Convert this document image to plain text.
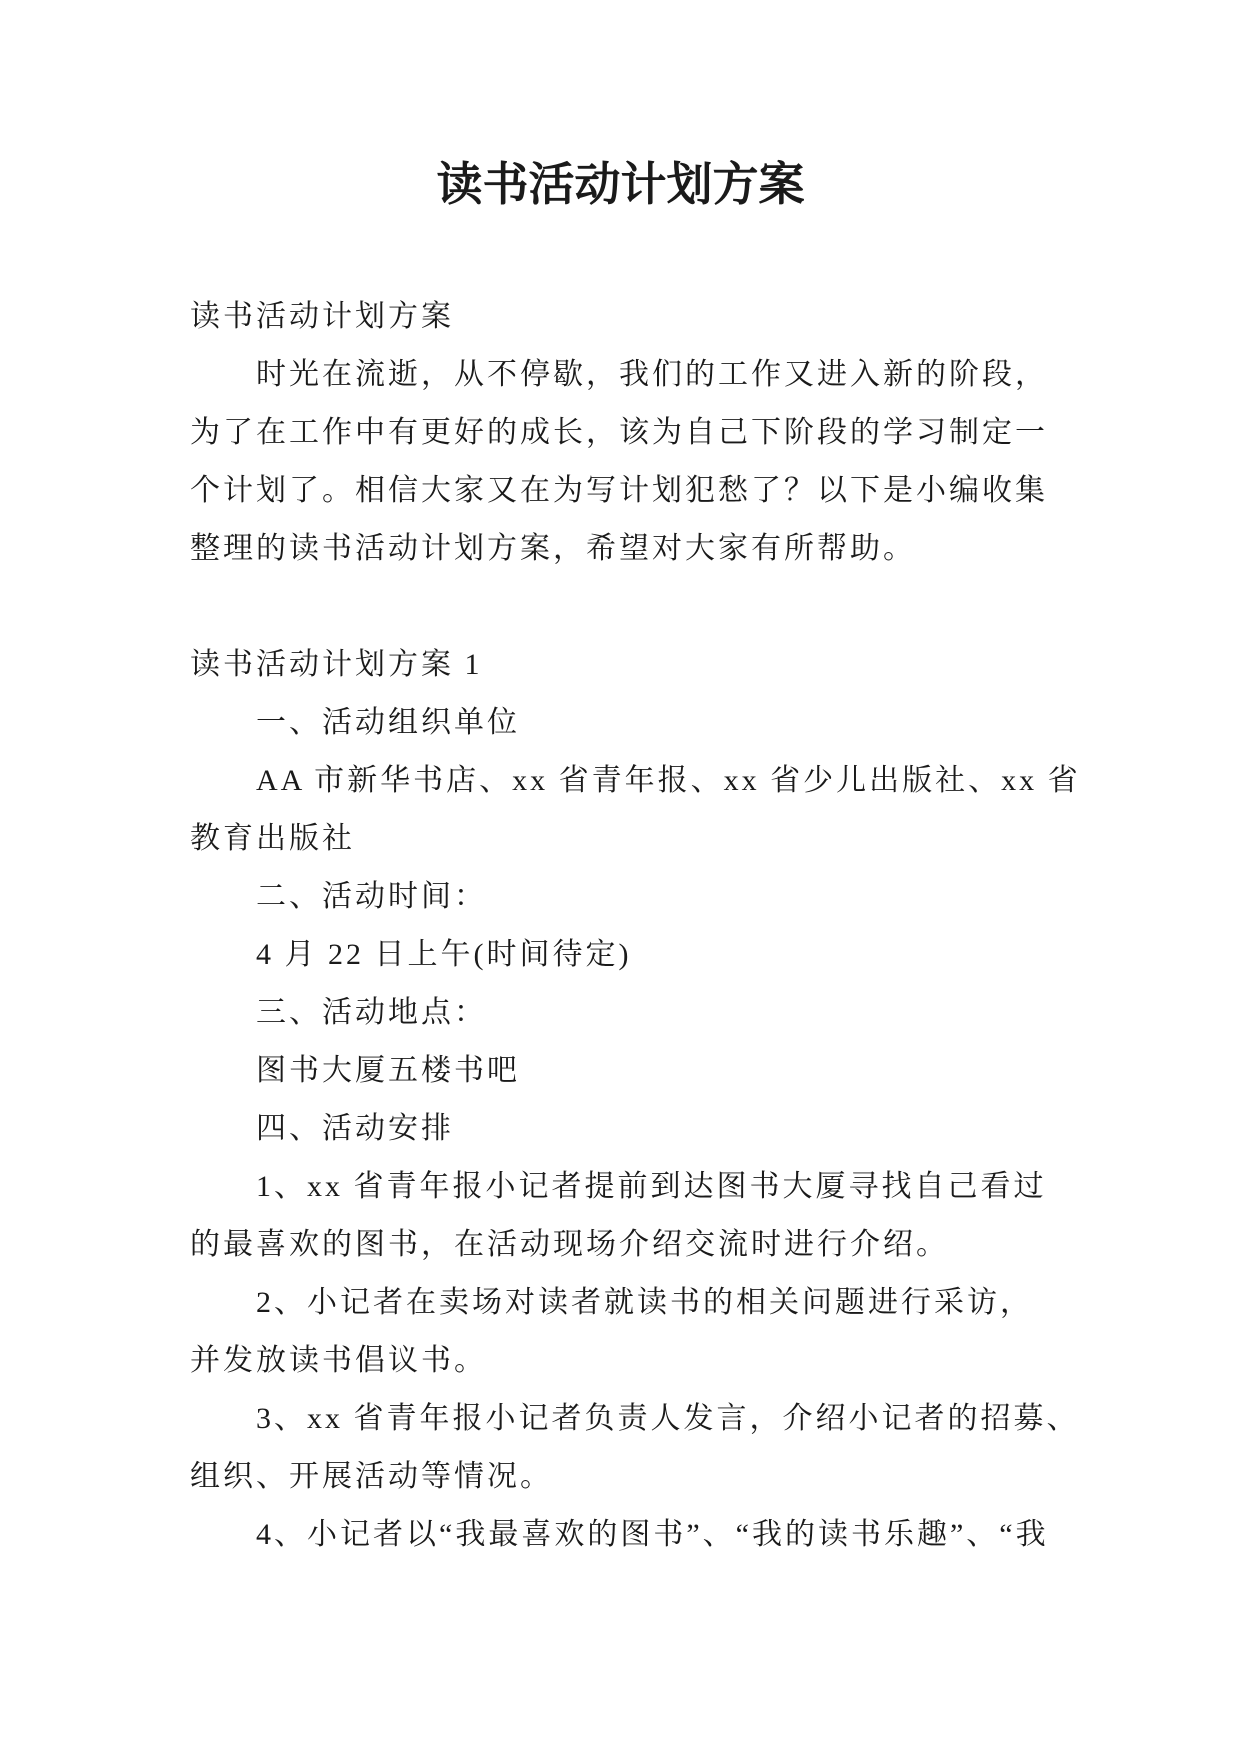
读书活动计划方案
读书活动计划方案
时光在流逝，从不停歇，我们的工作又进入新的阶段，
为了在工作中有更好的成长，该为自己下阶段的学习制定一
个计划了。相信大家又在为写计划犯愁了？以下是小编收集
整理的读书活动计划方案，希望对大家有所帮助。
读书活动计划方案 1
一、活动组织单位
AA 市新华书店、xx 省青年报、xx 省少儿出版社、xx 省
教育出版社
二、活动时间：
4 月 22 日上午(时间待定)
三、活动地点：
图书大厦五楼书吧
四、活动安排
1、xx 省青年报小记者提前到达图书大厦寻找自己看过
的最喜欢的图书，在活动现场介绍交流时进行介绍。
2、小记者在卖场对读者就读书的相关问题进行采访，
并发放读书倡议书。
3、xx 省青年报小记者负责人发言，介绍小记者的招募、
组织、开展活动等情况。
4、小记者以“我最喜欢的图书”、“我的读书乐趣”、“我
